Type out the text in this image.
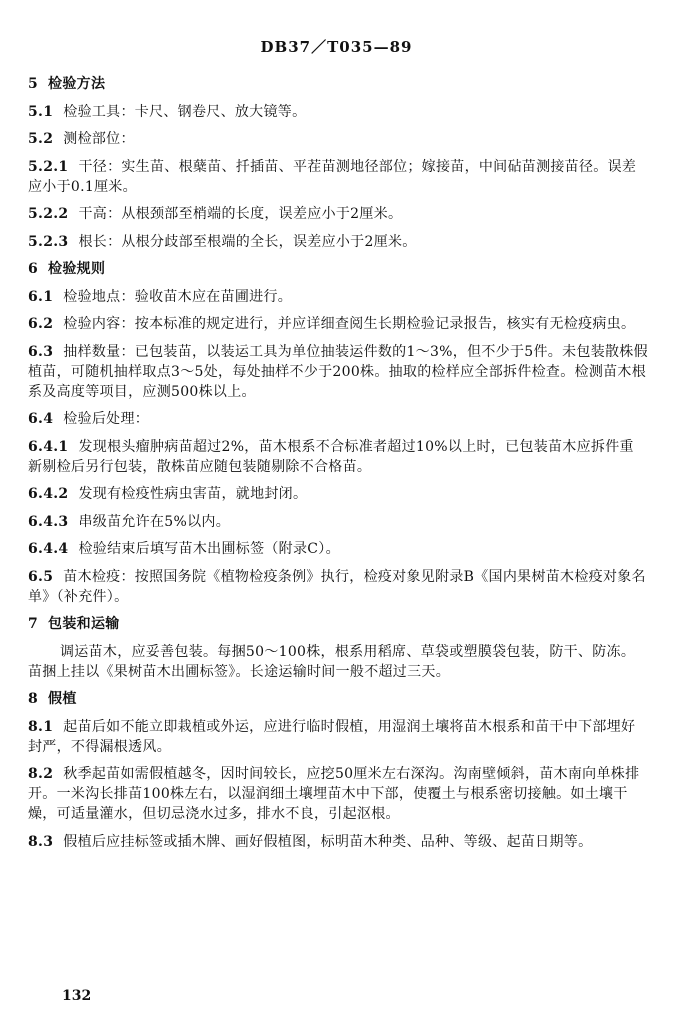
DB37／T035—89
5 检验方法
5.1 检验工具：卡尺、钢卷尺、放大镜等。
5.2 测检部位：
5.2.1 干径：实生苗、根蘖苗、扦插苗、平茬苗测地径部位；嫁接苗，中间砧苗测接苗径。误差应小于0.1厘米。
5.2.2 干高：从根颈部至梢端的长度，误差应小于2厘米。
5.2.3 根长：从根分歧部至根端的全长，误差应小于2厘米。
6 检验规则
6.1 检验地点：验收苗木应在苗圃进行。
6.2 检验内容：按本标准的规定进行，并应详细查阅生长期检验记录报告，核实有无检疫病虫。
6.3 抽样数量：已包装苗，以装运工具为单位抽装运件数的1～3%，但不少于5件。未包装散株假植苗，可随机抽样取点3～5处，每处抽样不少于200株。抽取的检样应全部拆件检查。检测苗木根系及高度等项目，应测500株以上。
6.4 检验后处理：
6.4.1 发现根头瘤肿病苗超过2%，苗木根系不合标准者超过10%以上时，已包装苗木应拆件重新剔检后另行包装，散株苗应随包装随剔除不合格苗。
6.4.2 发现有检疫性病虫害苗，就地封闭。
6.4.3 串级苗允许在5%以内。
6.4.4 检验结束后填写苗木出圃标签（附录C）。
6.5 苗木检疫：按照国务院《植物检疫条例》执行，检疫对象见附录B《国内果树苗木检疫对象名单》（补充件）。
7 包装和运输
调运苗木，应妥善包装。每捆50～100株，根系用稻席、草袋或塑膜袋包装，防干、防冻。苗捆上挂以《果树苗木出圃标签》。长途运输时间一般不超过三天。
8 假植
8.1 起苗后如不能立即栽植或外运，应进行临时假植，用湿润土壤将苗木根系和苗干中下部埋好封严，不得漏根透风。
8.2 秋季起苗如需假植越冬，因时间较长，应挖50厘米左右深沟。沟南壁倾斜，苗木南向单株排开。一米沟长排苗100株左右，以湿润细土壤埋苗木中下部，使覆土与根系密切接触。如土壤干燥，可适量灌水，但切忌浇水过多，排水不良，引起沤根。
8.3 假植后应挂标签或插木牌、画好假植图，标明苗木种类、品种、等级、起苗日期等。
132
